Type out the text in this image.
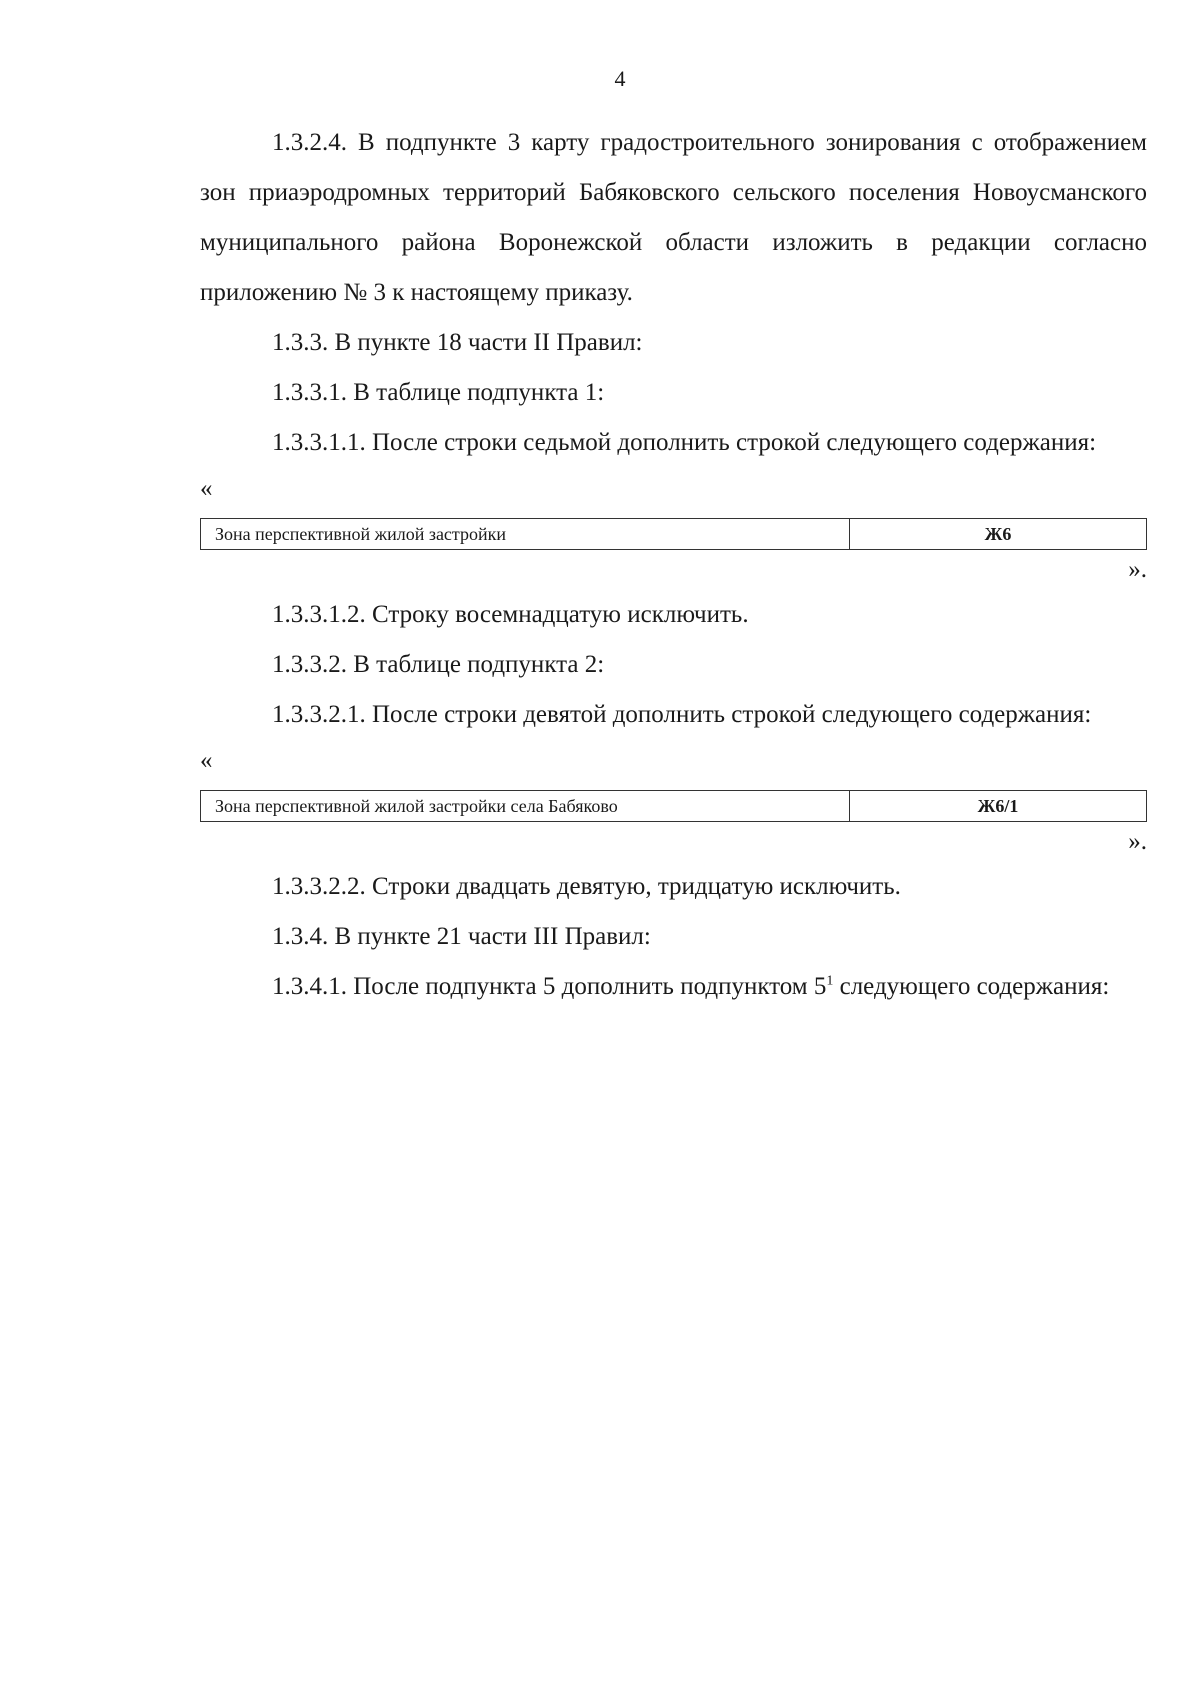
4

1.3.2.4. В подпункте 3 карту градостроительного зонирования с отображением зон приаэродромных территорий Бабяковского сельского поселения Новоусманского муниципального района Воронежской области изложить в редакции согласно приложению № 3 к настоящему приказу.

1.3.3. В пункте 18 части II Правил:

1.3.3.1. В таблице подпункта 1:

1.3.3.1.1. После строки седьмой дополнить строкой следующего содержания:

«

Зона перспективной жилой застройки	Ж6

».

1.3.3.1.2. Строку восемнадцатую исключить.

1.3.3.2. В таблице подпункта 2:

1.3.3.2.1. После строки девятой дополнить строкой следующего содержания:

«

Зона перспективной жилой застройки села Бабяково	Ж6/1

».

1.3.3.2.2. Строки двадцать девятую, тридцатую исключить.

1.3.4. В пункте 21 части III Правил:

1.3.4.1. После подпункта 5 дополнить подпунктом $5^1$ следующего содержания:
